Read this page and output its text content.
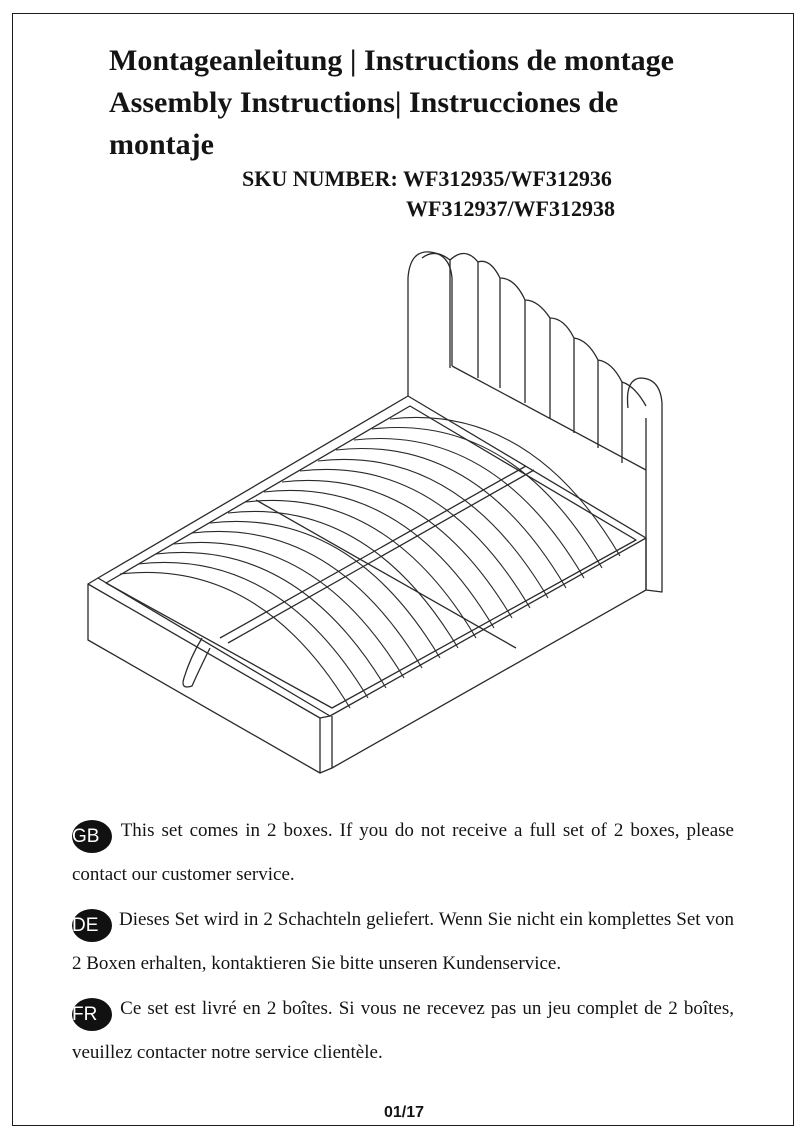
Montageanleitung | Instructions de montage Assembly Instructions| Instrucciones de montaje
SKU NUMBER: WF312935/WF312936
WF312937/WF312938
GB This set comes in 2 boxes. If you do not receive a full set of 2 boxes, please contact our customer service.
DE Dieses Set wird in 2 Schachteln geliefert. Wenn Sie nicht ein komplettes Set von 2 Boxen erhalten, kontaktieren Sie bitte unseren Kundenservice.
FR Ce set est livré en 2 boîtes. Si vous ne recevez pas un jeu complet de 2 boîtes, veuillez contacter notre service clientèle.
01/17
